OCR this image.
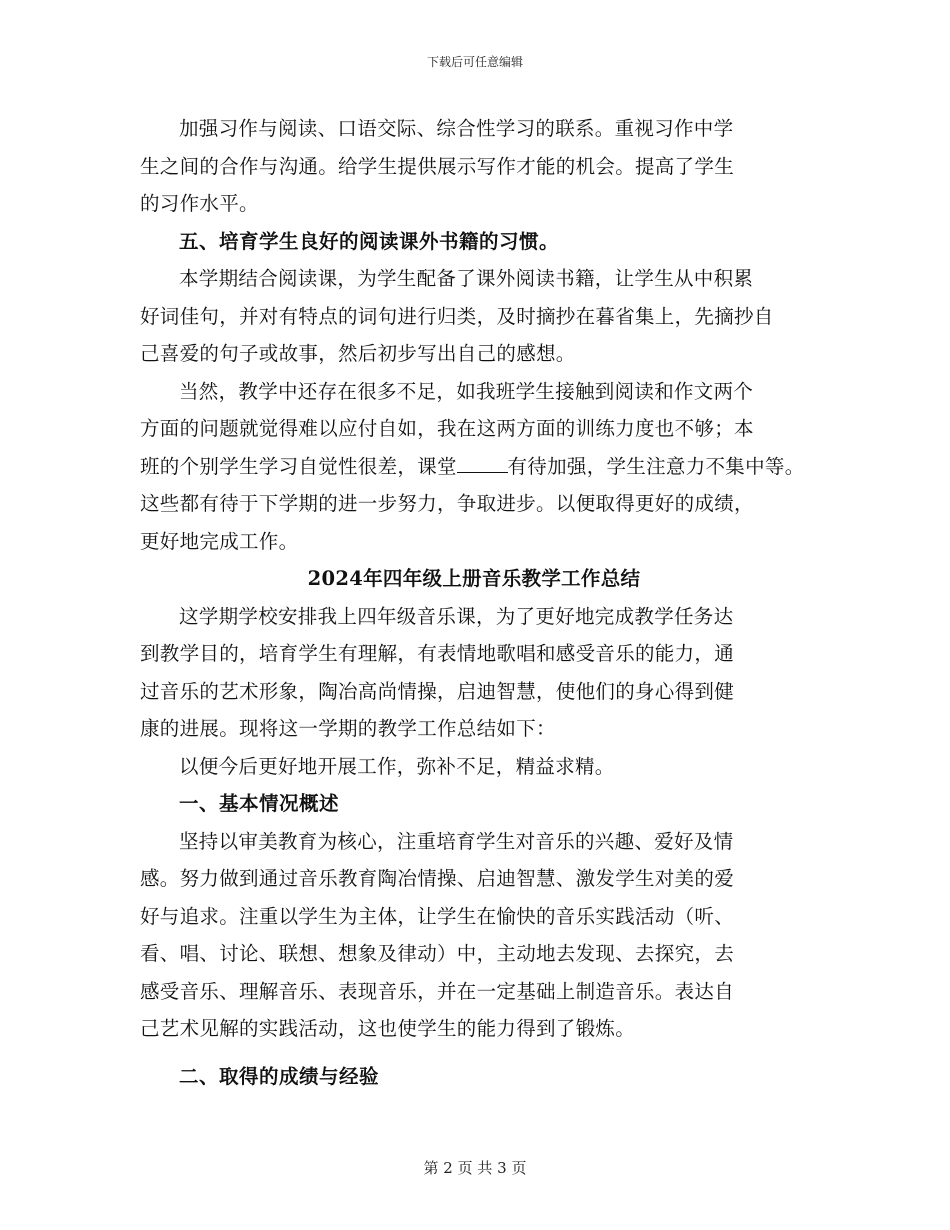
下载后可任意编辑

加强习作与阅读、口语交际、综合性学习的联系。重视习作中学
生之间的合作与沟通。给学生提供展示写作才能的机会。提高了学生
的习作水平。

五、培育学生良好的阅读课外书籍的习惯。

本学期结合阅读课，为学生配备了课外阅读书籍，让学生从中积累
好词佳句，并对有特点的词句进行归类，及时摘抄在暮省集上，先摘抄自
己喜爱的句子或故事，然后初步写出自己的感想。

当然，教学中还存在很多不足，如我班学生接触到阅读和作文两个
方面的问题就觉得难以应付自如，我在这两方面的训练力度也不够；本
班的个别学生学习自觉性很差，课堂	有待加强，学生注意力不集中等。
这些都有待于下学期的进一步努力，争取进步。以便取得更好的成绩，
更好地完成工作。

2024年四年级上册音乐教学工作总结

这学期学校安排我上四年级音乐课，为了更好地完成教学任务达
到教学目的，培育学生有理解，有表情地歌唱和感受音乐的能力，通
过音乐的艺术形象，陶冶高尚情操，启迪智慧，使他们的身心得到健
康的进展。现将这一学期的教学工作总结如下：

以便今后更好地开展工作，弥补不足，精益求精。

一、基本情况概述

坚持以审美教育为核心，注重培育学生对音乐的兴趣、爱好及情
感。努力做到通过音乐教育陶冶情操、启迪智慧、激发学生对美的爱
好与追求。注重以学生为主体，让学生在愉快的音乐实践活动（听、
看、唱、讨论、联想、想象及律动）中，主动地去发现、去探究，去
感受音乐、理解音乐、表现音乐，并在一定基础上制造音乐。表达自
己艺术见解的实践活动，这也使学生的能力得到了锻炼。

二、取得的成绩与经验

第 2 页 共 3 页
